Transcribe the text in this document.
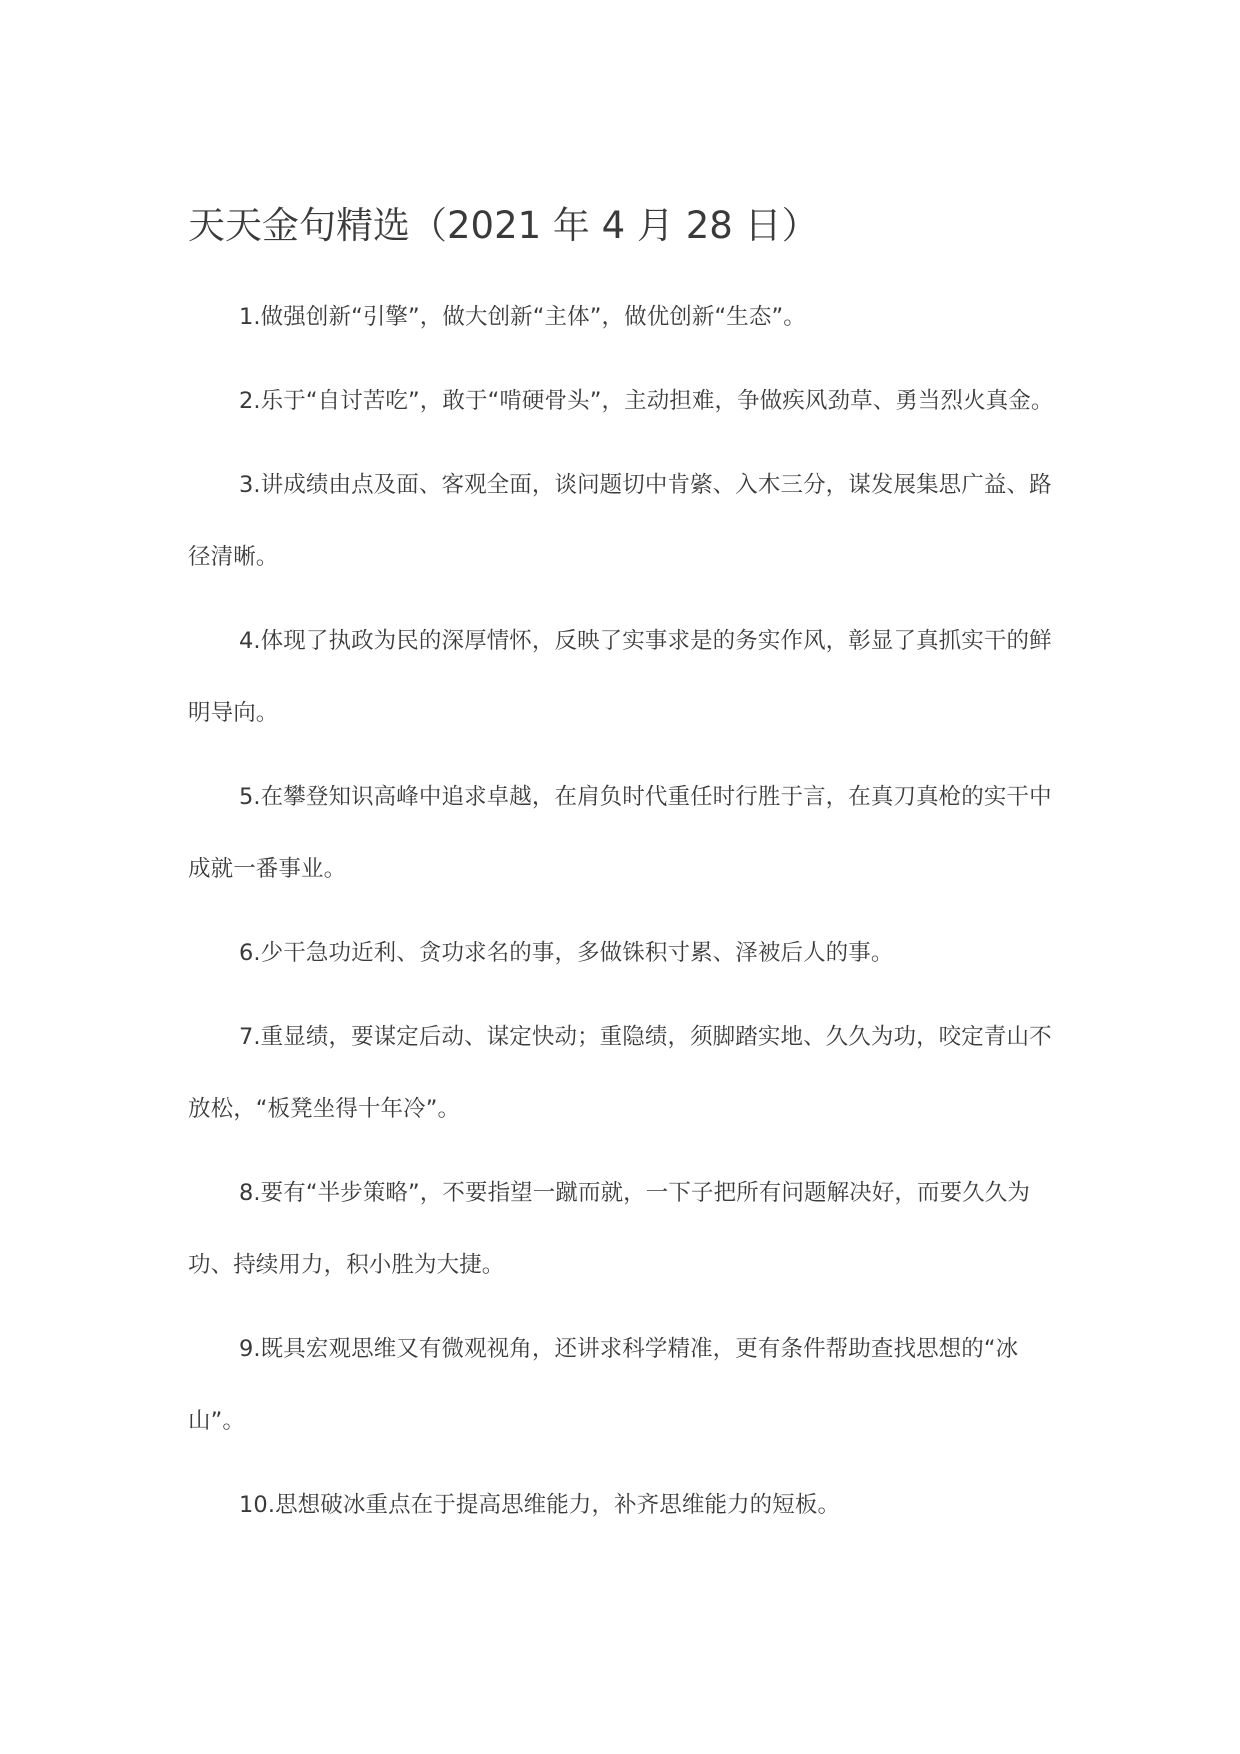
天天金句精选（2021 年 4 月 28 日）

1.做强创新“引擎”，做大创新“主体”，做优创新“生态”。

2.乐于“自讨苦吃”，敢于“啃硬骨头”，主动担难，争做疾风劲草、勇当烈火真金。

3.讲成绩由点及面、客观全面，谈问题切中肯綮、入木三分，谋发展集思广益、路径清晰。

4.体现了执政为民的深厚情怀，反映了实事求是的务实作风，彰显了真抓实干的鲜明导向。

5.在攀登知识高峰中追求卓越，在肩负时代重任时行胜于言，在真刀真枪的实干中成就一番事业。

6.少干急功近利、贪功求名的事，多做铢积寸累、泽被后人的事。

7.重显绩，要谋定后动、谋定快动；重隐绩，须脚踏实地、久久为功，咬定青山不放松，“板凳坐得十年冷”。

8.要有“半步策略”，不要指望一蹴而就，一下子把所有问题解决好，而要久久为功、持续用力，积小胜为大捷。

9.既具宏观思维又有微观视角，还讲求科学精准，更有条件帮助查找思想的“冰山”。

10.思想破冰重点在于提高思维能力，补齐思维能力的短板。
